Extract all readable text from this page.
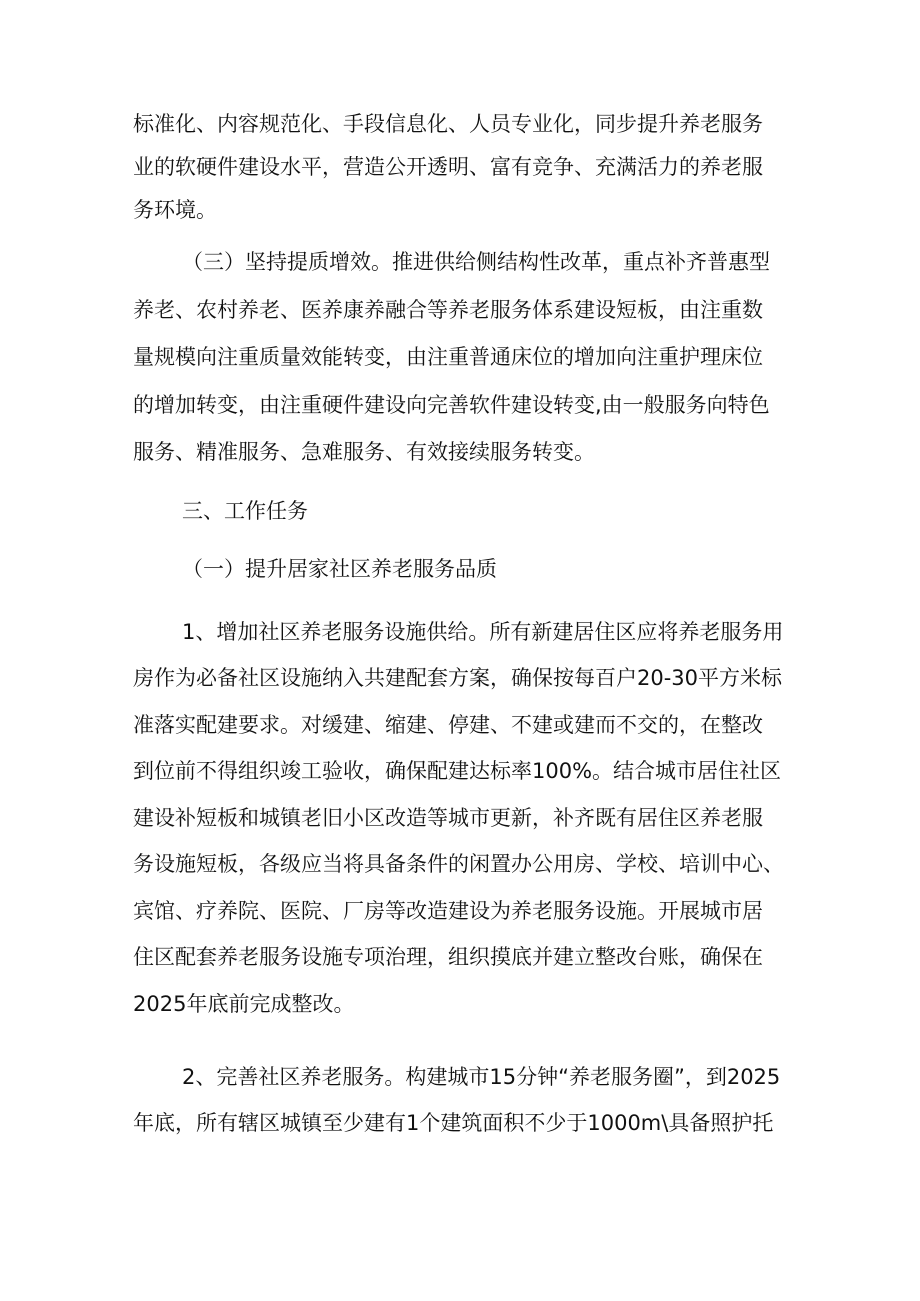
标准化、内容规范化、手段信息化、人员专业化，同步提升养老服务
业的软硬件建设水平，营造公开透明、富有竞争、充满活力的养老服
务环境。
（三）坚持提质增效。推进供给侧结构性改革，重点补齐普惠型
养老、农村养老、医养康养融合等养老服务体系建设短板，由注重数
量规模向注重质量效能转变，由注重普通床位的增加向注重护理床位
的增加转变，由注重硬件建设向完善软件建设转变,由一般服务向特色
服务、精准服务、急难服务、有效接续服务转变。
三、工作任务
（一）提升居家社区养老服务品质
1、增加社区养老服务设施供给。所有新建居住区应将养老服务用
房作为必备社区设施纳入共建配套方案，确保按每百户20-30平方米标
准落实配建要求。对缓建、缩建、停建、不建或建而不交的，在整改
到位前不得组织竣工验收，确保配建达标率100%。结合城市居住社区
建设补短板和城镇老旧小区改造等城市更新，补齐既有居住区养老服
务设施短板，各级应当将具备条件的闲置办公用房、学校、培训中心、
宾馆、疗养院、医院、厂房等改造建设为养老服务设施。开展城市居
住区配套养老服务设施专项治理，组织摸底并建立整改台账，确保在
2025年底前完成整改。
2、完善社区养老服务。构建城市15分钟“养老服务圈”，到2025
年底，所有辖区城镇至少建有1个建筑面积不少于1000m\具备照护托
